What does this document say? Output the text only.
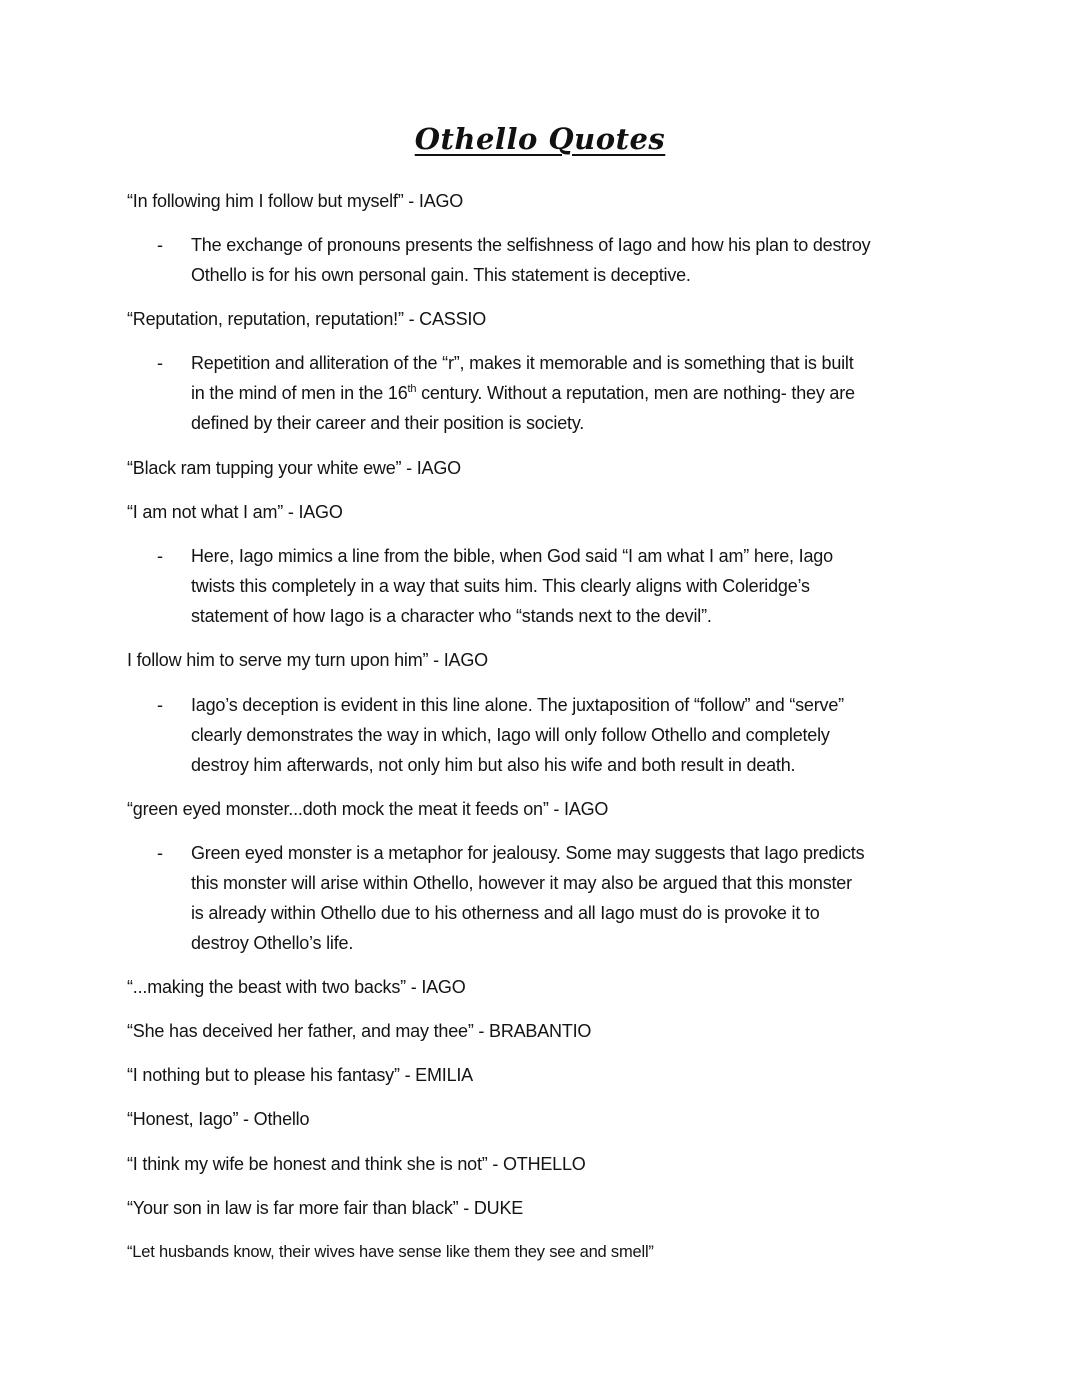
Othello Quotes
“In following him I follow but myself” - IAGO
- The exchange of pronouns presents the selfishness of Iago and how his plan to destroy
Othello is for his own personal gain. This statement is deceptive.
“Reputation, reputation, reputation!” - CASSIO
- Repetition and alliteration of the “r”, makes it memorable and is something that is built
in the mind of men in the 16th century. Without a reputation, men are nothing- they are
defined by their career and their position is society.
“Black ram tupping your white ewe” - IAGO
“I am not what I am” - IAGO
- Here, Iago mimics a line from the bible, when God said “I am what I am” here, Iago
twists this completely in a way that suits him. This clearly aligns with Coleridge’s
statement of how Iago is a character who “stands next to the devil”.
I follow him to serve my turn upon him” - IAGO
- Iago’s deception is evident in this line alone. The juxtaposition of “follow” and “serve”
clearly demonstrates the way in which, Iago will only follow Othello and completely
destroy him afterwards, not only him but also his wife and both result in death.
“green eyed monster...doth mock the meat it feeds on” - IAGO
- Green eyed monster is a metaphor for jealousy. Some may suggests that Iago predicts
this monster will arise within Othello, however it may also be argued that this monster
is already within Othello due to his otherness and all Iago must do is provoke it to
destroy Othello’s life.
“...making the beast with two backs” - IAGO
“She has deceived her father, and may thee” - BRABANTIO
“I nothing but to please his fantasy” - EMILIA
“Honest, Iago” - Othello
“I think my wife be honest and think she is not” - OTHELLO
“Your son in law is far more fair than black” - DUKE
“Let husbands know, their wives have sense like them they see and smell”
